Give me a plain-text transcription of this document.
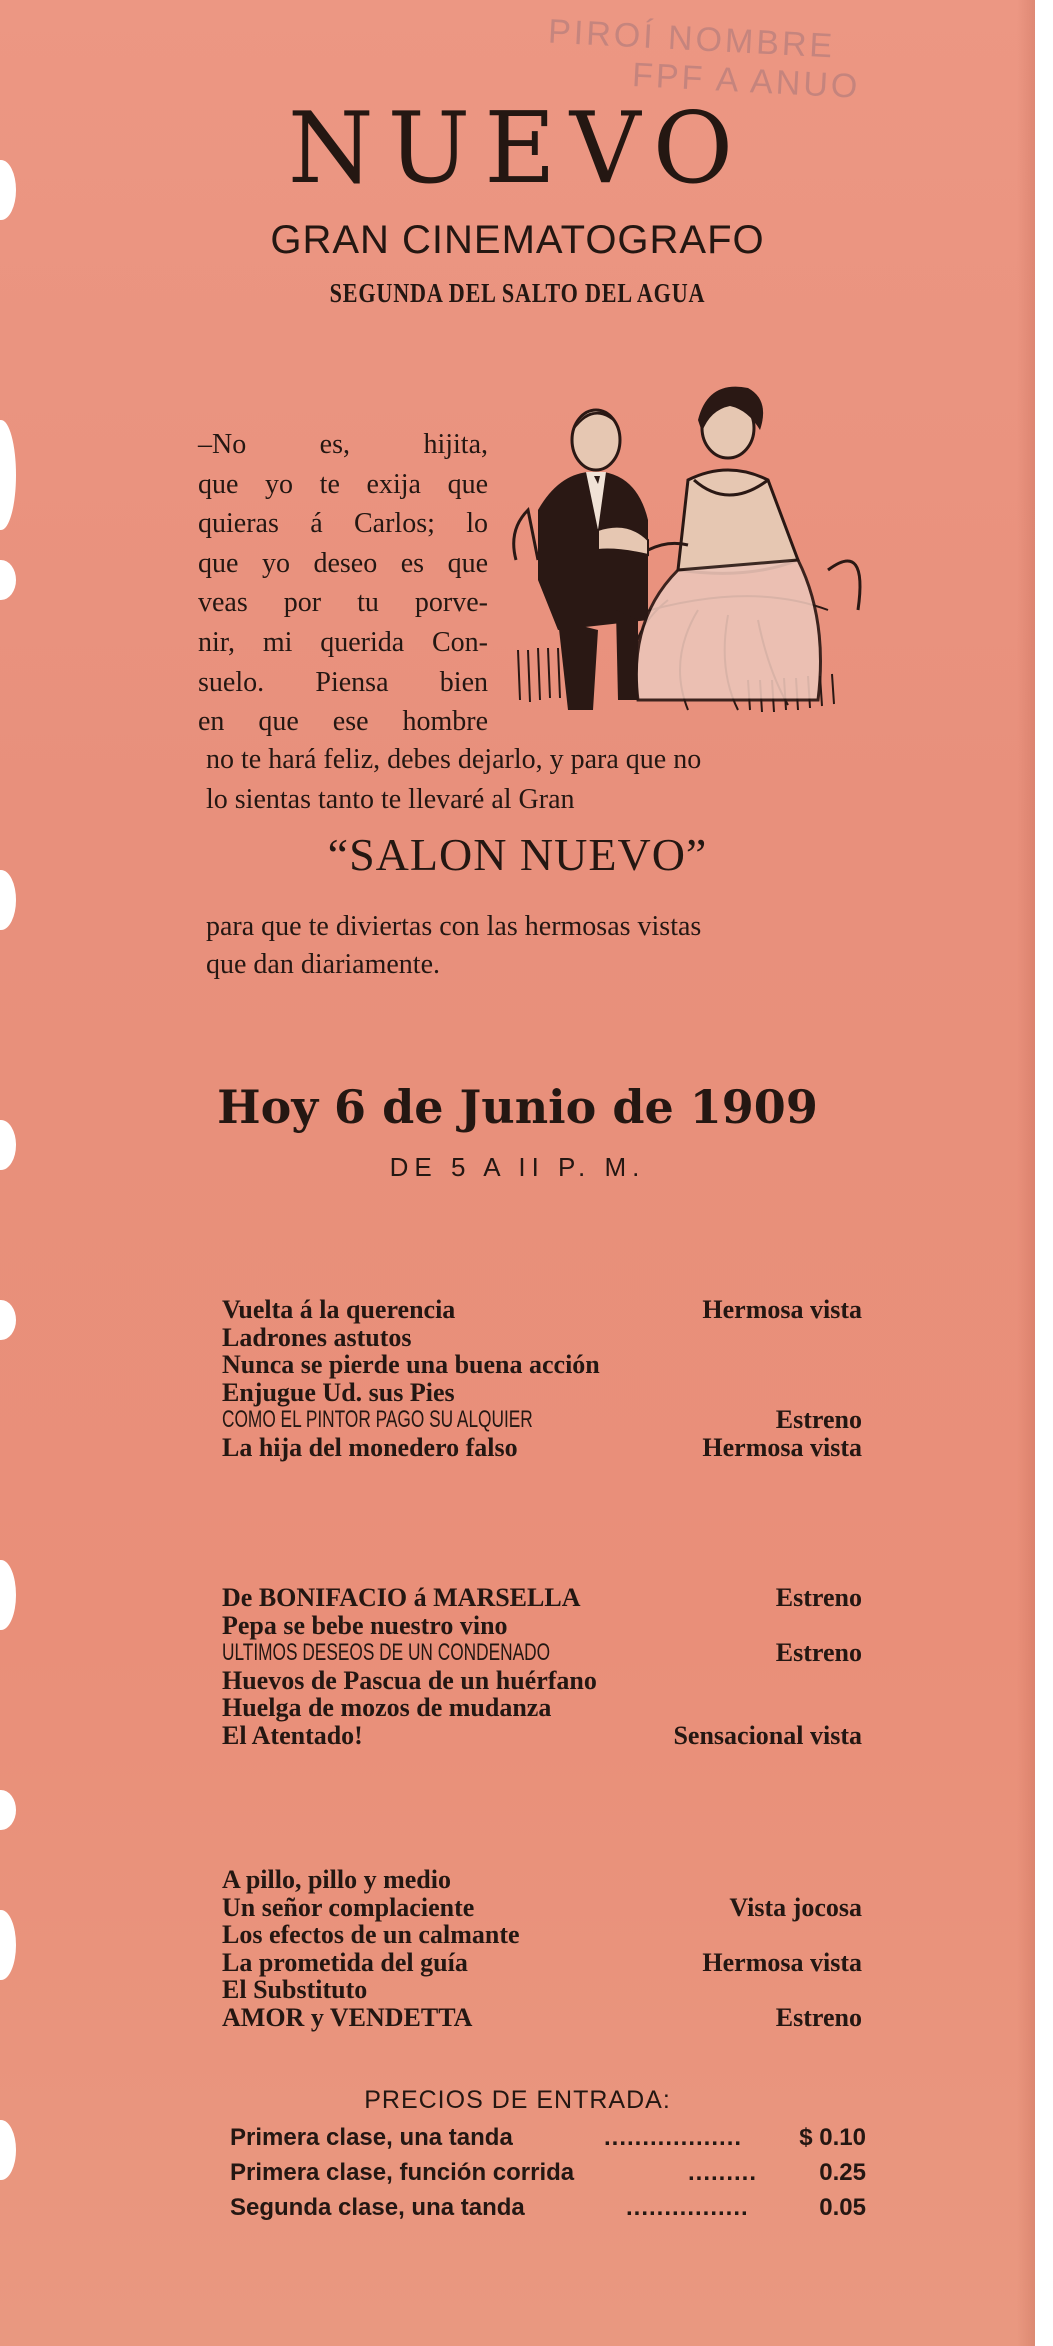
PIROÍ NOMBRE
FPF A ANUO
NUEVO
GRAN CINEMATOGRAFO
SEGUNDA DEL SALTO DEL AGUA
–No es, hijita,
que yo te exija que
quieras á Carlos; lo
que yo deseo es que
veas por tu porve-
nir, mi querida Con-
suelo. Piensa bien
en que ese hombre
no te hará feliz, debes dejarlo, y para que no
lo sientas tanto te llevaré al Gran
“SALON NUEVO”
para que te diviertas con las hermosas vistas
que dan diariamente.
Hoy 6 de Junio de 1909
DE 5 A II P. M.
Vuelta á la querencia	Hermosa vista
Ladrones astutos
Nunca se pierde una buena acción
Enjugue Ud. sus Pies
COMO EL PINTOR PAGO SU ALQUIER	Estreno
La hija del monedero falso	Hermosa vista
De BONIFACIO á MARSELLA	Estreno
Pepa se bebe nuestro vino
ULTIMOS DESEOS DE UN CONDENADO	Estreno
Huevos de Pascua de un huérfano
Huelga de mozos de mudanza
El Atentado!	Sensacional vista
A pillo, pillo y medio
Un señor complaciente	Vista jocosa
Los efectos de un calmante
La prometida del guía	Hermosa vista
El Substituto
AMOR y VENDETTA	Estreno
PRECIOS DE ENTRADA:
Primera clase, una tanda	.................. $ 0.10
Primera clase, función corrida	.........	0.25
Segunda clase, una tanda	................	0.05
